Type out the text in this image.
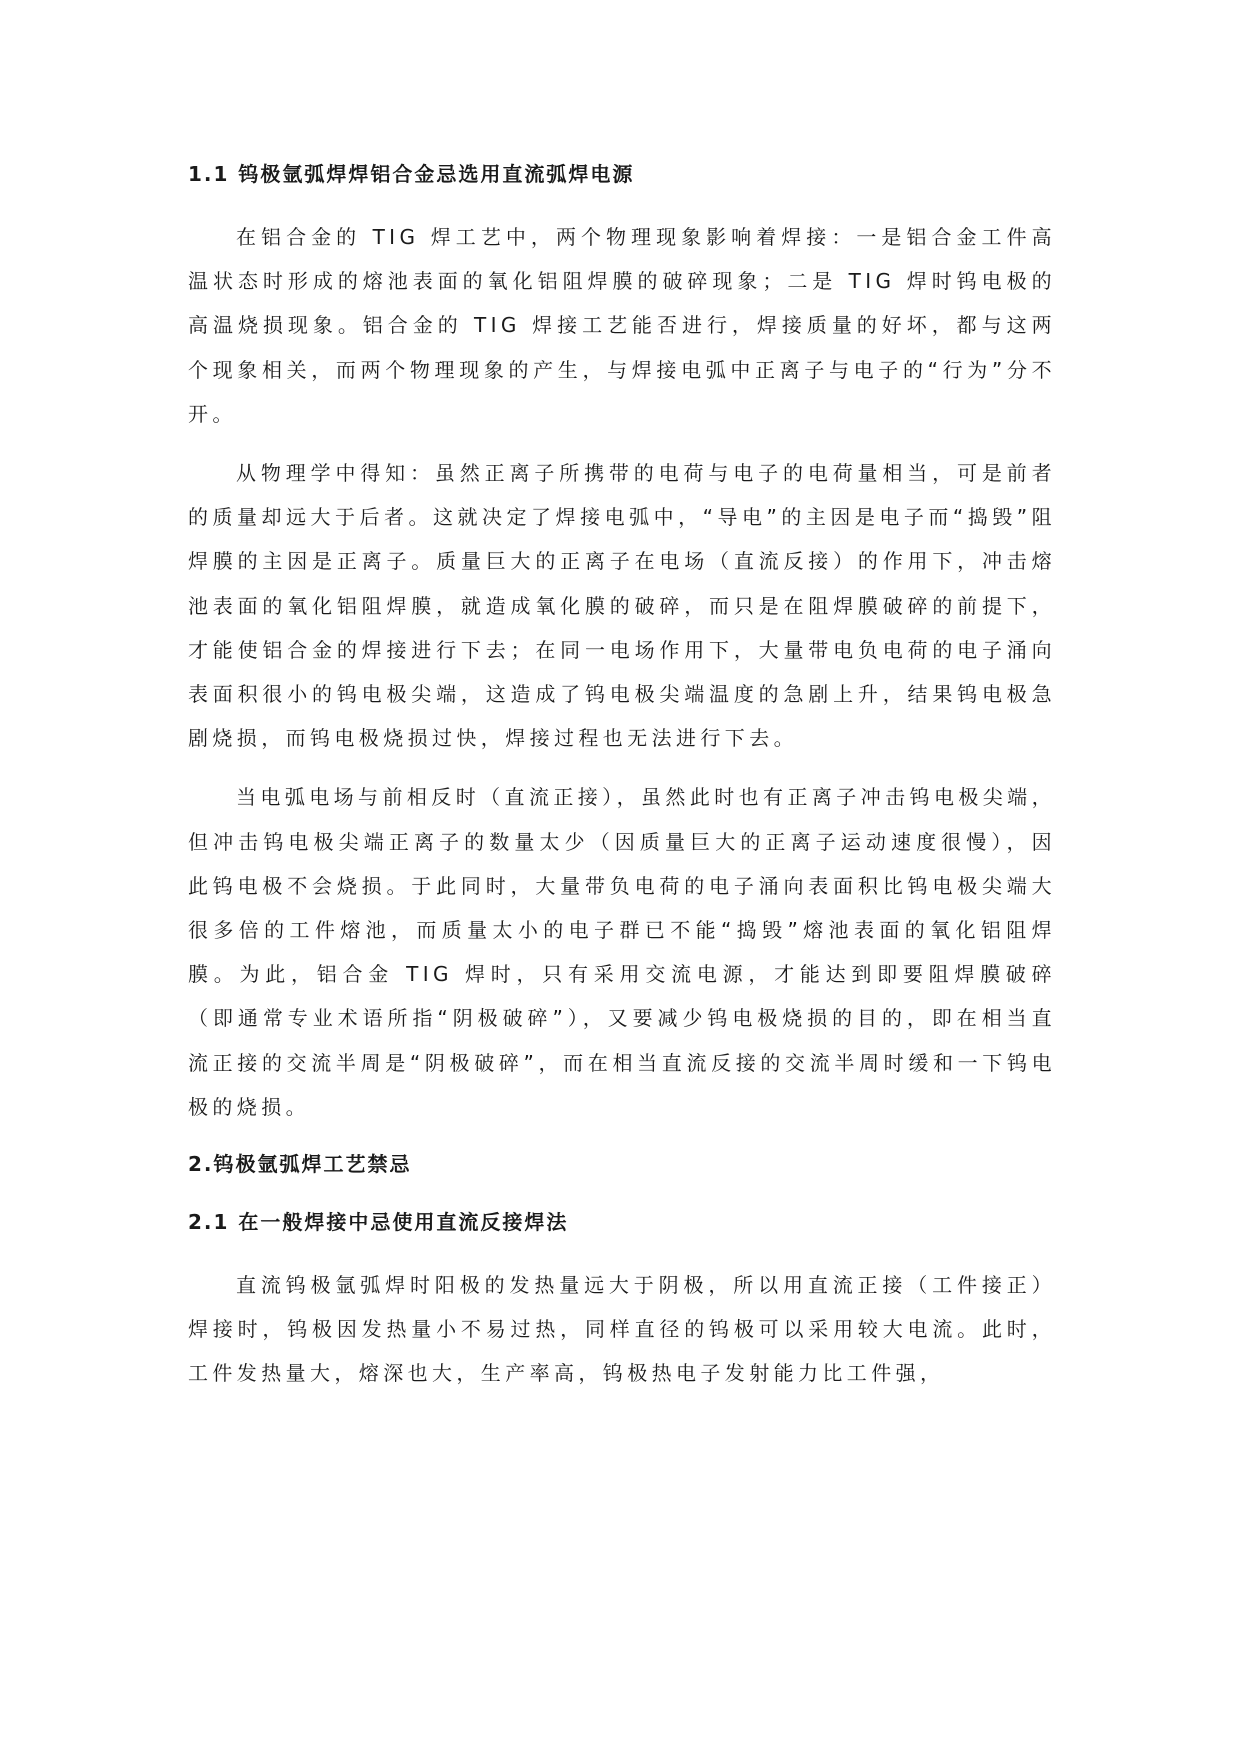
1.1 钨极氩弧焊焊铝合金忌选用直流弧焊电源

在铝合金的 TIG 焊工艺中，两个物理现象影响着焊接：一是铝合金工件高温状态时形成的熔池表面的氧化铝阻焊膜的破碎现象；二是 TIG 焊时钨电极的高温烧损现象。铝合金的 TIG 焊接工艺能否进行，焊接质量的好坏，都与这两个现象相关，而两个物理现象的产生，与焊接电弧中正离子与电子的“行为”分不开。

从物理学中得知：虽然正离子所携带的电荷与电子的电荷量相当，可是前者的质量却远大于后者。这就决定了焊接电弧中，“导电”的主因是电子而“捣毁”阻焊膜的主因是正离子。质量巨大的正离子在电场（直流反接）的作用下，冲击熔池表面的氧化铝阻焊膜，就造成氧化膜的破碎，而只是在阻焊膜破碎的前提下，才能使铝合金的焊接进行下去；在同一电场作用下，大量带电负电荷的电子涌向表面积很小的钨电极尖端，这造成了钨电极尖端温度的急剧上升，结果钨电极急剧烧损，而钨电极烧损过快，焊接过程也无法进行下去。

当电弧电场与前相反时（直流正接），虽然此时也有正离子冲击钨电极尖端，但冲击钨电极尖端正离子的数量太少（因质量巨大的正离子运动速度很慢），因此钨电极不会烧损。于此同时，大量带负电荷的电子涌向表面积比钨电极尖端大很多倍的工件熔池，而质量太小的电子群已不能“捣毁”熔池表面的氧化铝阻焊膜。为此，铝合金 TIG 焊时，只有采用交流电源，才能达到即要阻焊膜破碎（即通常专业术语所指“阴极破碎”），又要减少钨电极烧损的目的，即在相当直流正接的交流半周是“阴极破碎”，而在相当直流反接的交流半周时缓和一下钨电极的烧损。

2.钨极氩弧焊工艺禁忌
2.1 在一般焊接中忌使用直流反接焊法

直流钨极氩弧焊时阳极的发热量远大于阴极，所以用直流正接（工件接正）焊接时，钨极因发热量小不易过热，同样直径的钨极可以采用较大电流。此时，工件发热量大，熔深也大，生产率高，钨极热电子发射能力比工件强，
